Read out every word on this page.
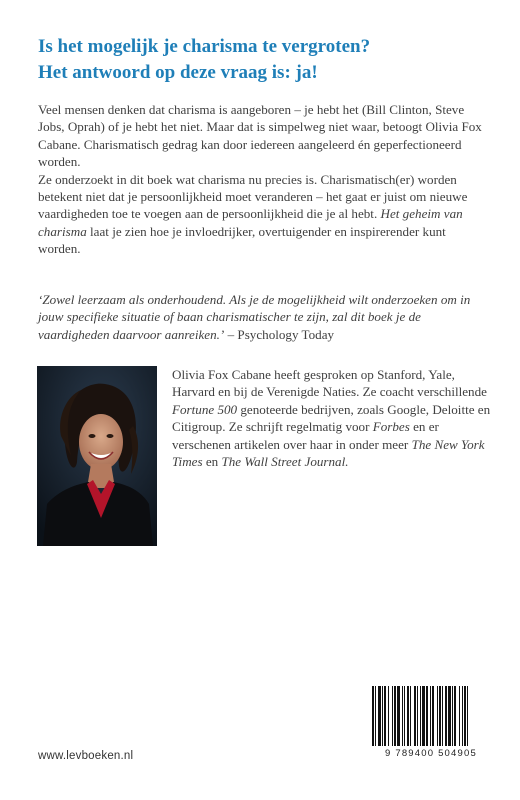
Is het mogelijk je charisma te vergroten?
Het antwoord op deze vraag is: ja!

Veel mensen denken dat charisma is aangeboren – je hebt het (Bill Clinton, Steve Jobs, Oprah) of je hebt het niet. Maar dat is simpelweg niet waar, betoogt Olivia Fox Cabane. Charismatisch gedrag kan door iedereen aangeleerd én geperfectioneerd worden.

Ze onderzoekt in dit boek wat charisma nu precies is. Charismatisch(er) worden betekent niet dat je persoonlijkheid moet veranderen – het gaat er juist om nieuwe vaardigheden toe te voegen aan de persoonlijkheid die je al hebt. Het geheim van charisma laat je zien hoe je invloedrijker, overtuigender en inspirerender kunt worden.

‘Zowel leerzaam als onderhoudend. Als je de mogelijkheid wilt onderzoeken om in jouw specifieke situatie of baan charismatischer te zijn, zal dit boek je de vaardigheden daarvoor aanreiken.’ – Psychology Today

Olivia Fox Cabane heeft gesproken op Stanford, Yale, Harvard en bij de Verenigde Naties. Ze coacht verschillende Fortune 500 genoteerde bedrijven, zoals Google, Deloitte en Citigroup. Ze schrijft regelmatig voor Forbes en er verschenen artikelen over haar in onder meer The New York Times en The Wall Street Journal.

www.levboeken.nl	9 789400 504905
